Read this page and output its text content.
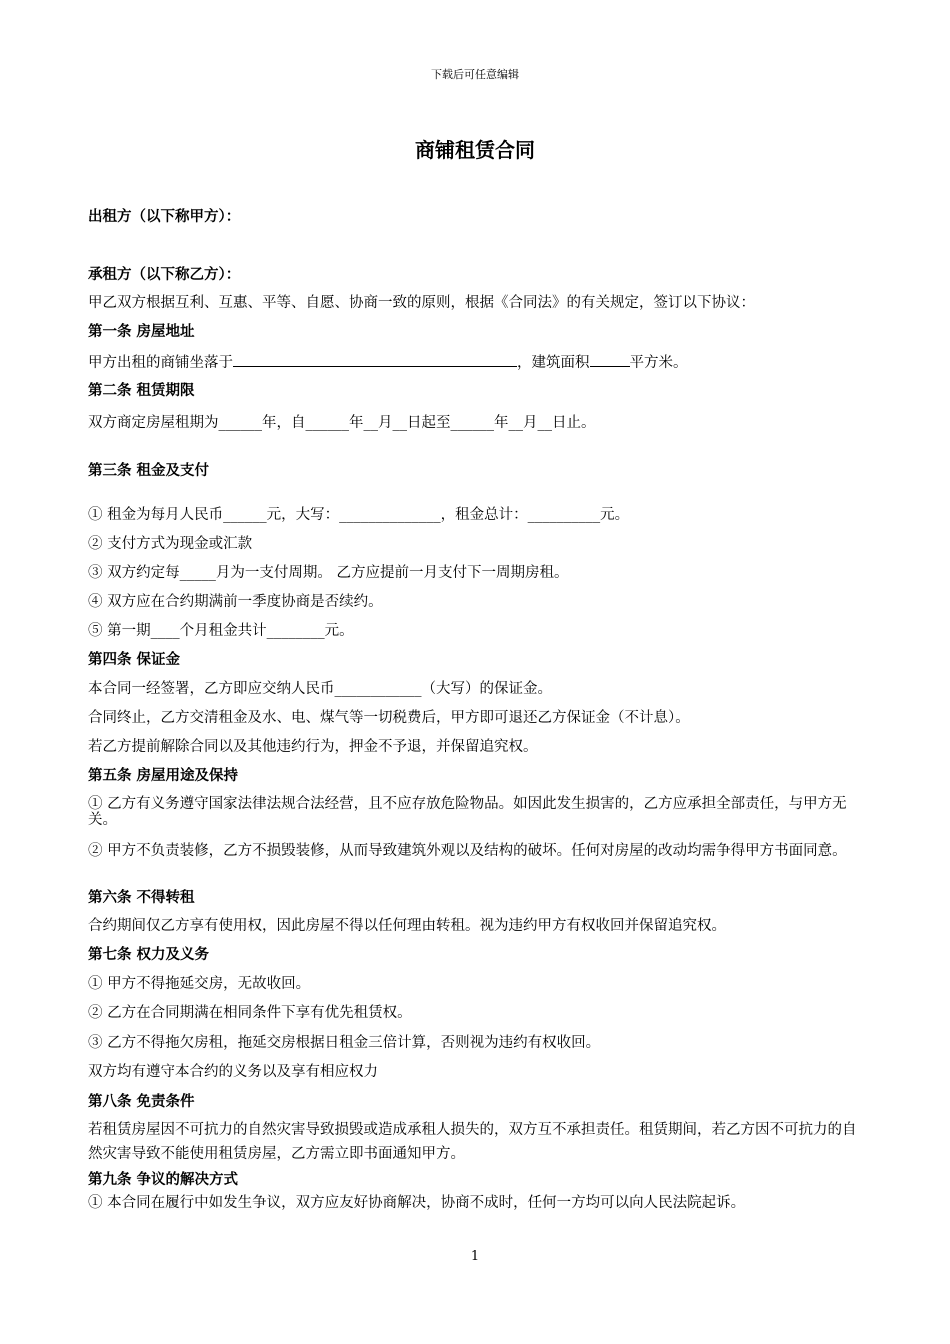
下载后可任意编辑
商铺租赁合同
出租方（以下称甲方）：
承租方（以下称乙方）：
甲乙双方根据互利、互惠、平等、自愿、协商一致的原则，根据《合同法》的有关规定，签订以下协议：
第一条 房屋地址
甲方出租的商铺坐落于	，建筑面积	平方米。
第二条 租赁期限
双方商定房屋租期为______年，自______年__月__日起至______年__月__日止。
第三条 租金及支付
① 租金为每月人民币______元，大写：______________，租金总计：__________元。
② 支付方式为现金或汇款
③ 双方约定每_____月为一支付周期。 乙方应提前一月支付下一周期房租。
④ 双方应在合约期满前一季度协商是否续约。
⑤ 第一期____个月租金共计________元。
第四条 保证金
本合同一经签署，乙方即应交纳人民币____________（大写）的保证金。
合同终止，乙方交清租金及水、电、煤气等一切税费后，甲方即可退还乙方保证金（不计息）。
若乙方提前解除合同以及其他违约行为，押金不予退，并保留追究权。
第五条 房屋用途及保持
① 乙方有义务遵守国家法律法规合法经营，且不应存放危险物品。如因此发生损害的，乙方应承担全部责任，与甲方无关。
② 甲方不负责装修，乙方不损毁装修，从而导致建筑外观以及结构的破坏。任何对房屋的改动均需争得甲方书面同意。
第六条 不得转租
合约期间仅乙方享有使用权，因此房屋不得以任何理由转租。视为违约甲方有权收回并保留追究权。
第七条 权力及义务
① 甲方不得拖延交房，无故收回。
② 乙方在合同期满在相同条件下享有优先租赁权。
③ 乙方不得拖欠房租，拖延交房根据日租金三倍计算，否则视为违约有权收回。
双方均有遵守本合约的义务以及享有相应权力
第八条 免责条件
若租赁房屋因不可抗力的自然灾害导致损毁或造成承租人损失的，双方互不承担责任。租赁期间，若乙方因不可抗力的自然灾害导致不能使用租赁房屋，乙方需立即书面通知甲方。
第九条 争议的解决方式
① 本合同在履行中如发生争议，双方应友好协商解决，协商不成时，任何一方均可以向人民法院起诉。
1
